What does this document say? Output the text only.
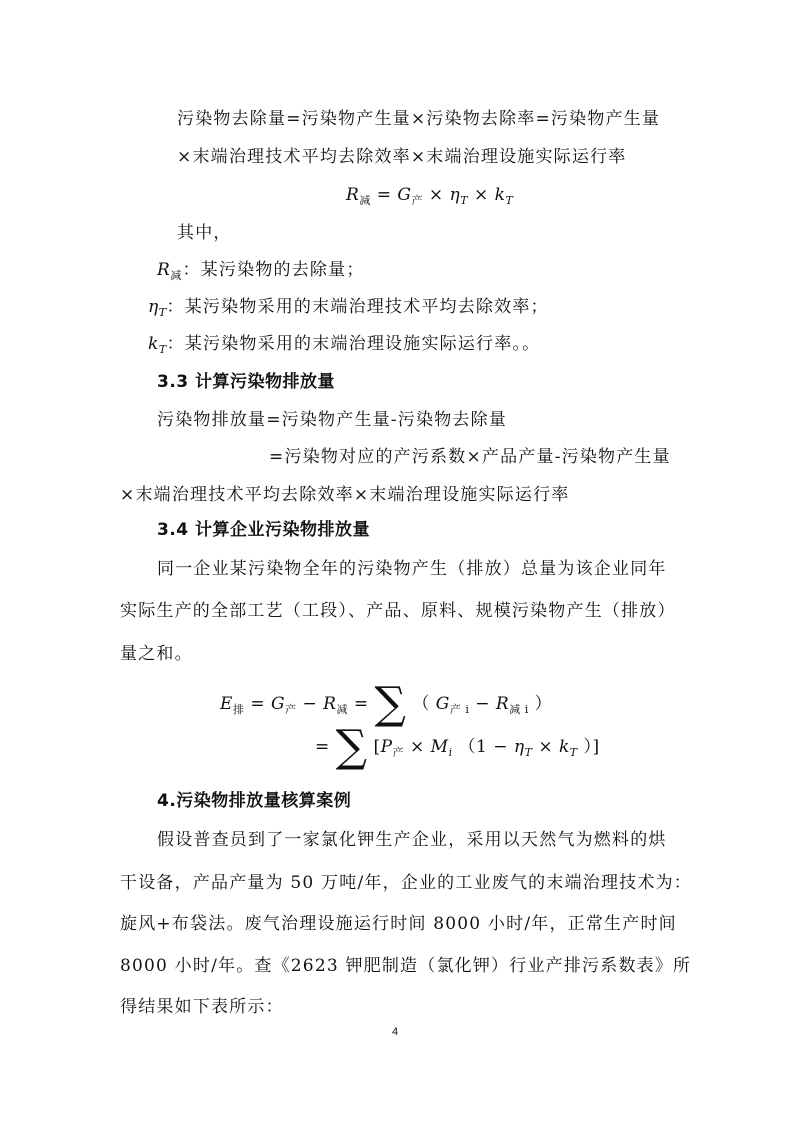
污染物去除量=污染物产生量×污染物去除率=污染物产生量
×末端治理技术平均去除效率×末端治理设施实际运行率
$R_减 = G_产 \times \eta_T \times k_T$
其中，
$R_减$：某污染物的去除量；
$\eta_T$：某污染物采用的末端治理技术平均去除效率；
$k_T$：某污染物采用的末端治理设施实际运行率。。
3.3 计算污染物排放量
污染物排放量=污染物产生量-污染物去除量
=污染物对应的产污系数×产品产量-污染物产生量
×末端治理技术平均去除效率×末端治理设施实际运行率
3.4 计算企业污染物排放量
同一企业某污染物全年的污染物产生（排放）总量为该企业同年
实际生产的全部工艺（工段）、产品、原料、规模污染物产生（排放）
量之和。
$E_排 = G_产 - R_减$ = ∑ （ $G_{产 i} - R_{减 i}$ ）
= ∑ [$P_产 \times M_i$ （$1 - \eta_T \times k_T$ ）]
4.污染物排放量核算案例
假设普查员到了一家氯化钾生产企业，采用以天然气为燃料的烘
干设备，产品产量为 50 万吨/年，企业的工业废气的末端治理技术为：
旋风+布袋法。废气治理设施运行时间 8000 小时/年，正常生产时间
8000 小时/年。查《2623 钾肥制造（氯化钾）行业产排污系数表》所
得结果如下表所示：
4
